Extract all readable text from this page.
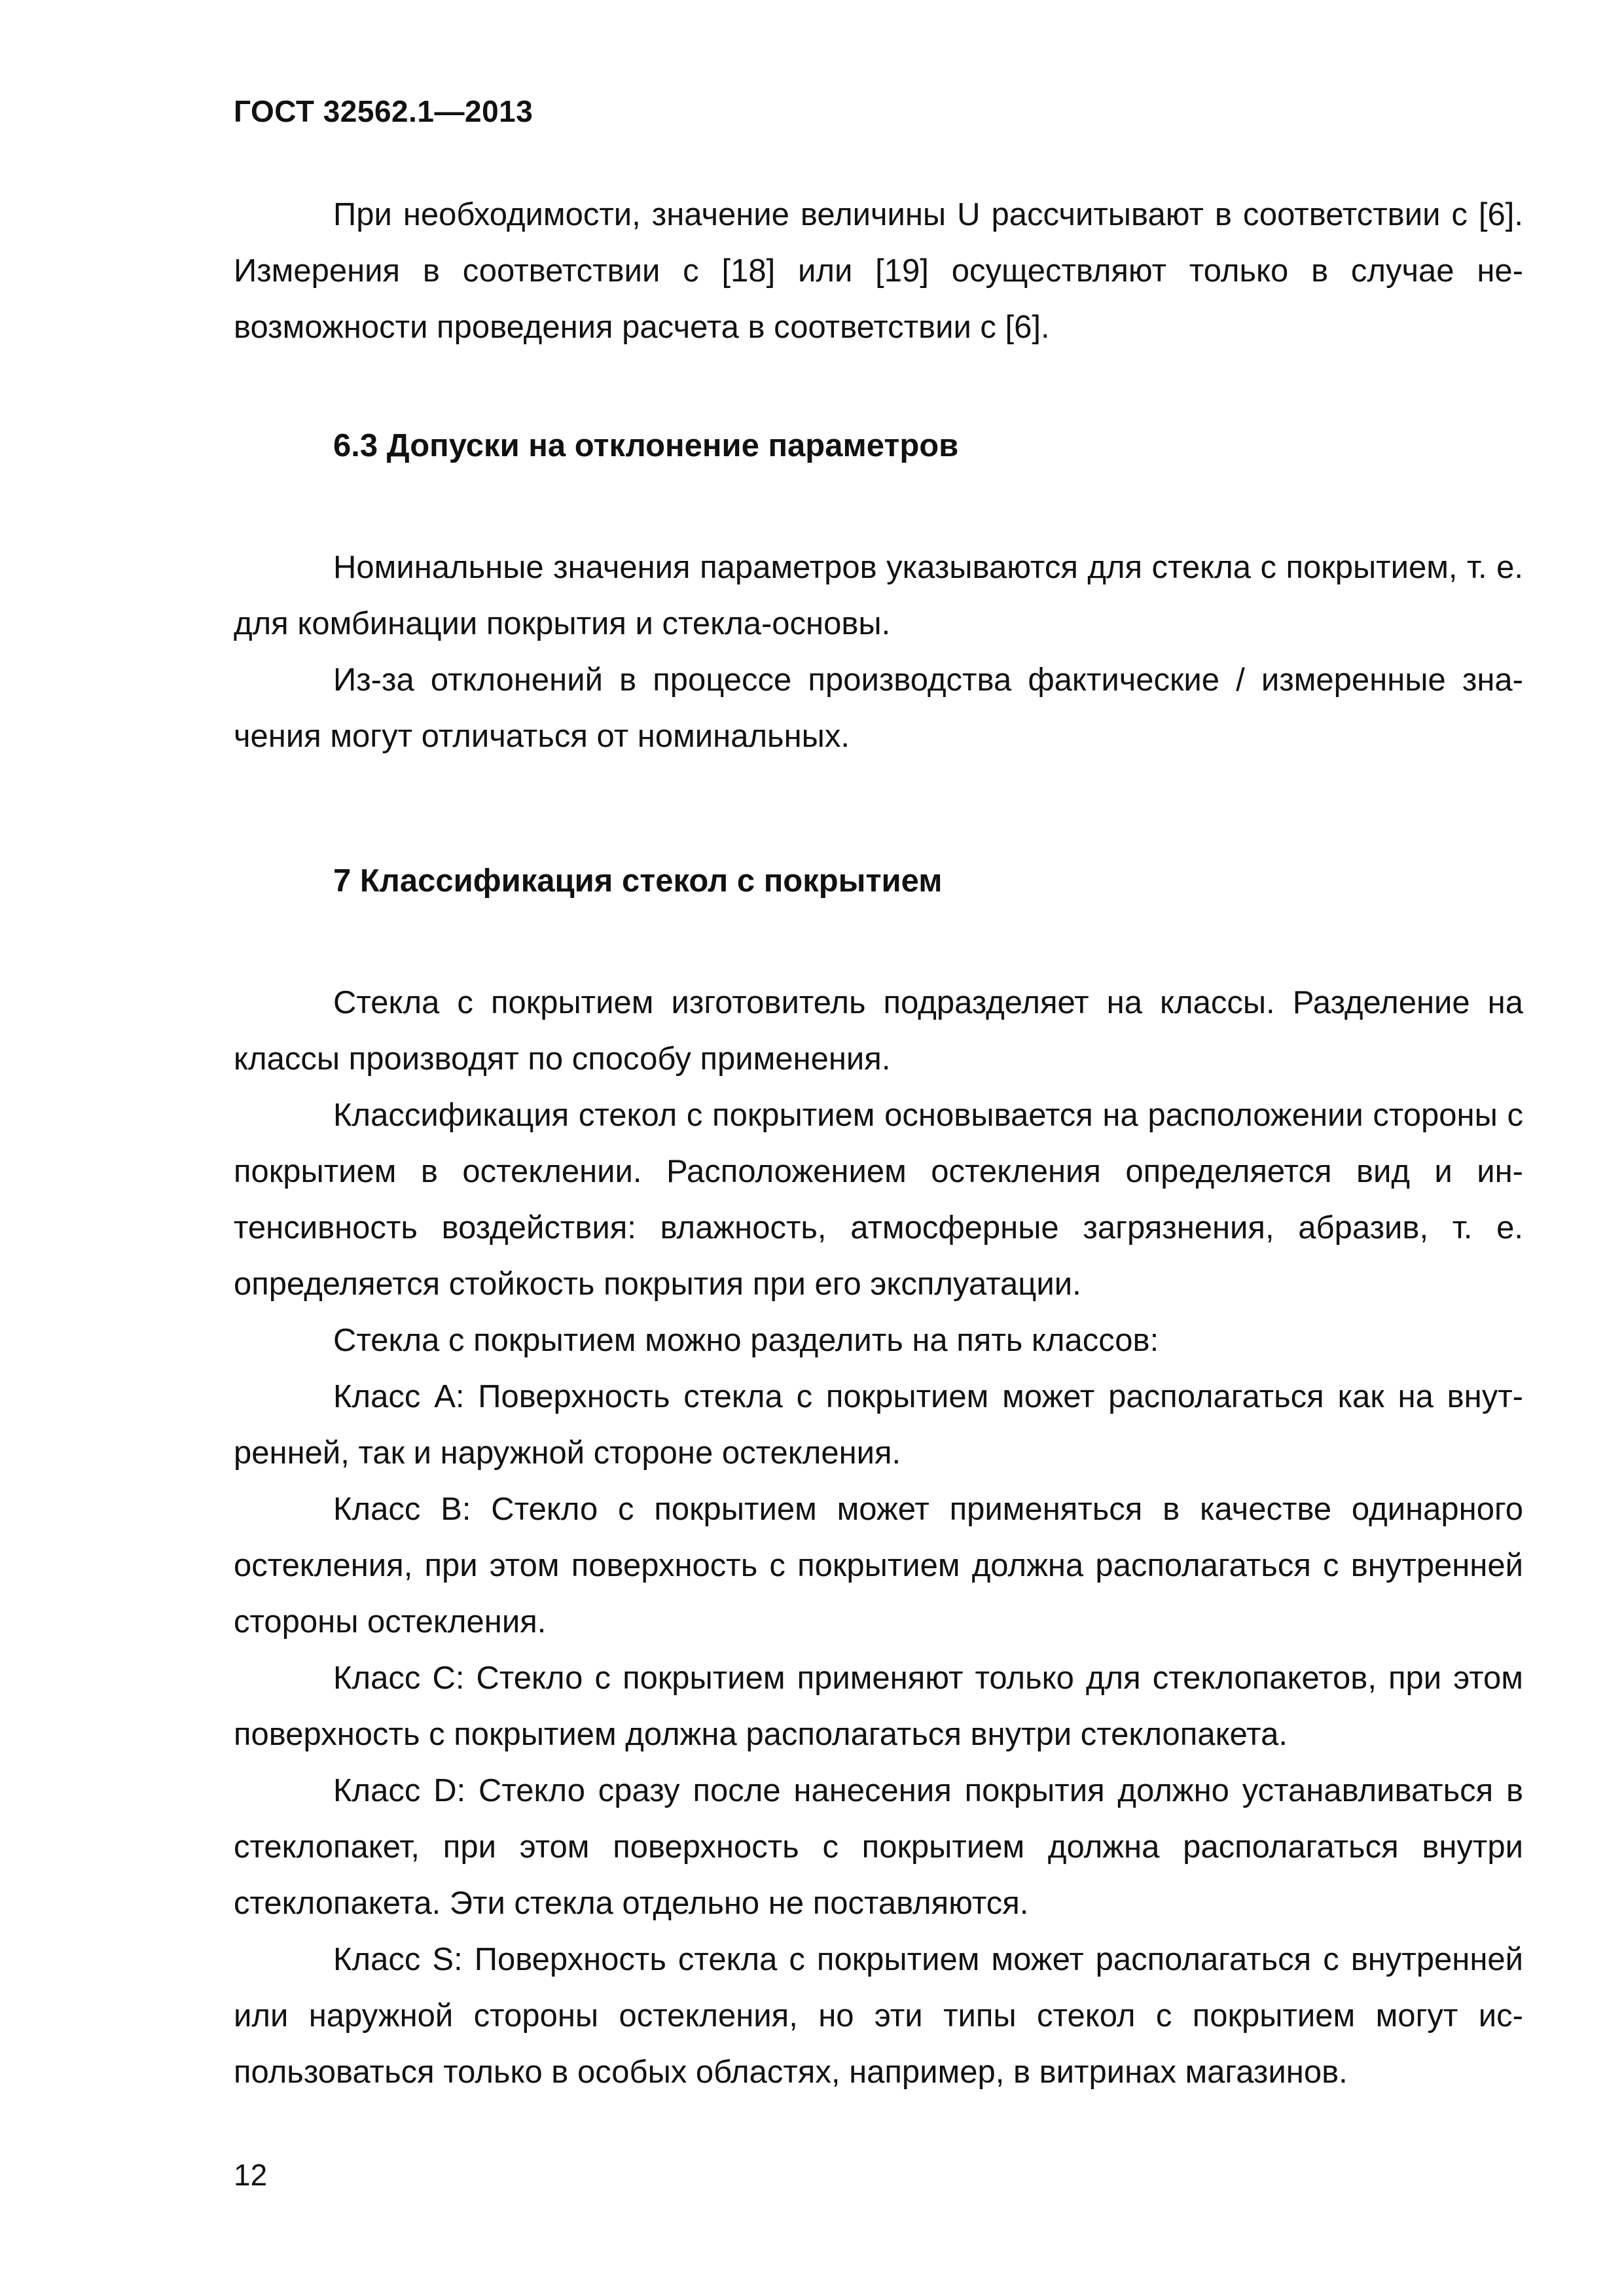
ГОСТ 32562.1—2013

При необходимости, значение величины U рассчитывают в соответствии с [6]. Измерения в соответствии с [18] или [19] осуществляют только в случае невозможности проведения расчета в соответствии с [6].

6.3 Допуски на отклонение параметров

Номинальные значения параметров указываются для стекла с покрытием, т. е. для комбинации покрытия и стекла-основы.

Из-за отклонений в процессе производства фактические / измеренные значения могут отличаться от номинальных.

7 Классификация стекол с покрытием

Стекла с покрытием изготовитель подразделяет на классы. Разделение на классы производят по способу применения.

Классификация стекол с покрытием основывается на расположении стороны с покрытием в остеклении. Расположением остекления определяется вид и интенсивность воздействия: влажность, атмосферные загрязнения, абразив, т. е. определяется стойкость покрытия при его эксплуатации.

Стекла с покрытием можно разделить на пять классов:

Класс А: Поверхность стекла с покрытием может располагаться как на внутренней, так и наружной стороне остекления.

Класс В: Стекло с покрытием может применяться в качестве одинарного остекления, при этом поверхность с покрытием должна располагаться с внутренней стороны остекления.

Класс С: Стекло с покрытием применяют только для стеклопакетов, при этом поверхность с покрытием должна располагаться внутри стеклопакета.

Класс D: Стекло сразу после нанесения покрытия должно устанавливаться в стеклопакет, при этом поверхность с покрытием должна располагаться внутри стеклопакета. Эти стекла отдельно не поставляются.

Класс S: Поверхность стекла с покрытием может располагаться с внутренней или наружной стороны остекления, но эти типы стекол с покрытием могут использоваться только в особых областях, например, в витринах магазинов.

12
